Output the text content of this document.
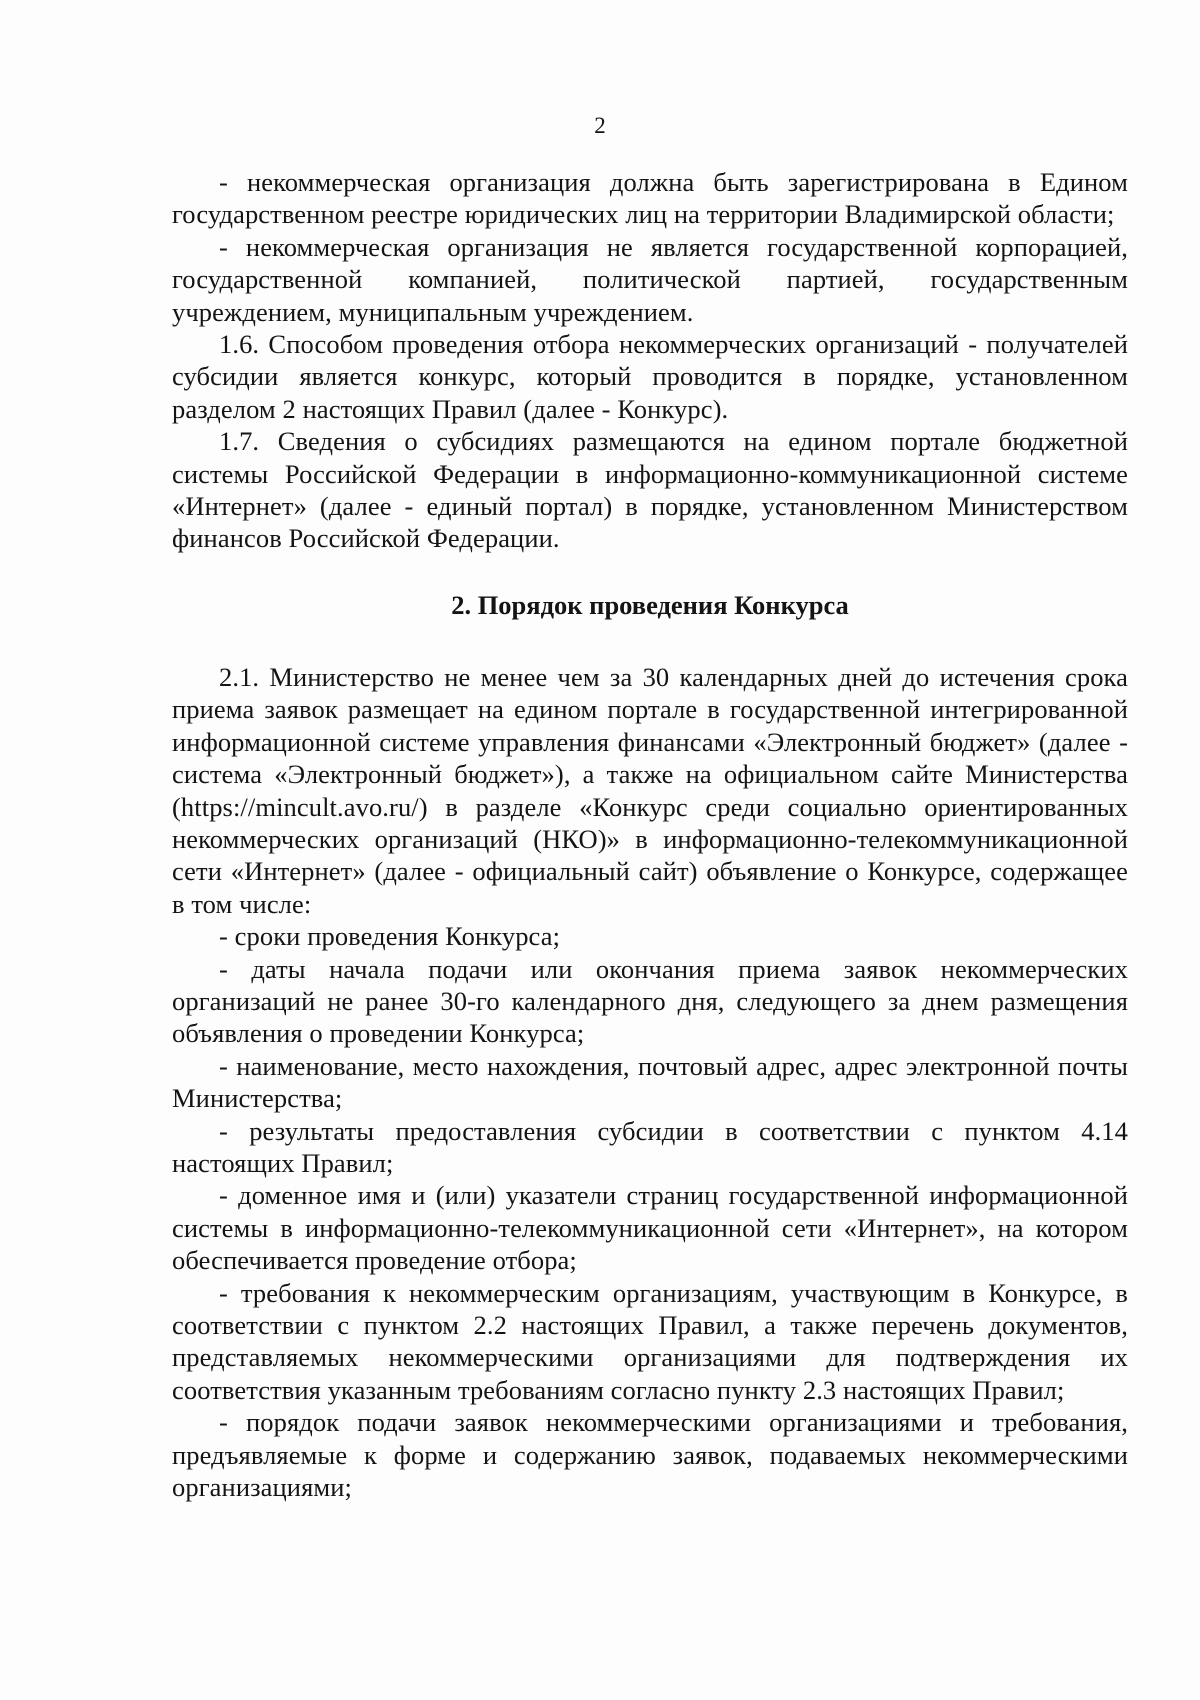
2

- некоммерческая организация должна быть зарегистрирована в Едином государственном реестре юридических лиц на территории Владимирской области;

- некоммерческая организация не является государственной корпорацией, государственной компанией, политической партией, государственным учреждением, муниципальным учреждением.

1.6. Способом проведения отбора некоммерческих организаций - получателей субсидии является конкурс, который проводится в порядке, установленном разделом 2 настоящих Правил (далее - Конкурс).

1.7. Сведения о субсидиях размещаются на едином портале бюджетной системы Российской Федерации в информационно-коммуникационной системе «Интернет» (далее - единый портал) в порядке, установленном Министерством финансов Российской Федерации.

2. Порядок проведения Конкурса

2.1. Министерство не менее чем за 30 календарных дней до истечения срока приема заявок размещает на едином портале в государственной интегрированной информационной системе управления финансами «Электронный бюджет» (далее - система «Электронный бюджет»), а также на официальном сайте Министерства (https://mincult.avo.ru/) в разделе «Конкурс среди социально ориентированных некоммерческих организаций (НКО)» в информационно-телекоммуникационной сети «Интернет» (далее - официальный сайт) объявление о Конкурсе, содержащее в том числе:

- сроки проведения Конкурса;

- даты начала подачи или окончания приема заявок некоммерческих организаций не ранее 30-го календарного дня, следующего за днем размещения объявления о проведении Конкурса;

- наименование, место нахождения, почтовый адрес, адрес электронной почты Министерства;

- результаты предоставления субсидии в соответствии с пунктом 4.14 настоящих Правил;

- доменное имя и (или) указатели страниц государственной информационной системы в информационно-телекоммуникационной сети «Интернет», на котором обеспечивается проведение отбора;

- требования к некоммерческим организациям, участвующим в Конкурсе, в соответствии с пунктом 2.2 настоящих Правил, а также перечень документов, представляемых некоммерческими организациями для подтверждения их соответствия указанным требованиям согласно пункту 2.3 настоящих Правил;

- порядок подачи заявок некоммерческими организациями и требования, предъявляемые к форме и содержанию заявок, подаваемых некоммерческими организациями;
